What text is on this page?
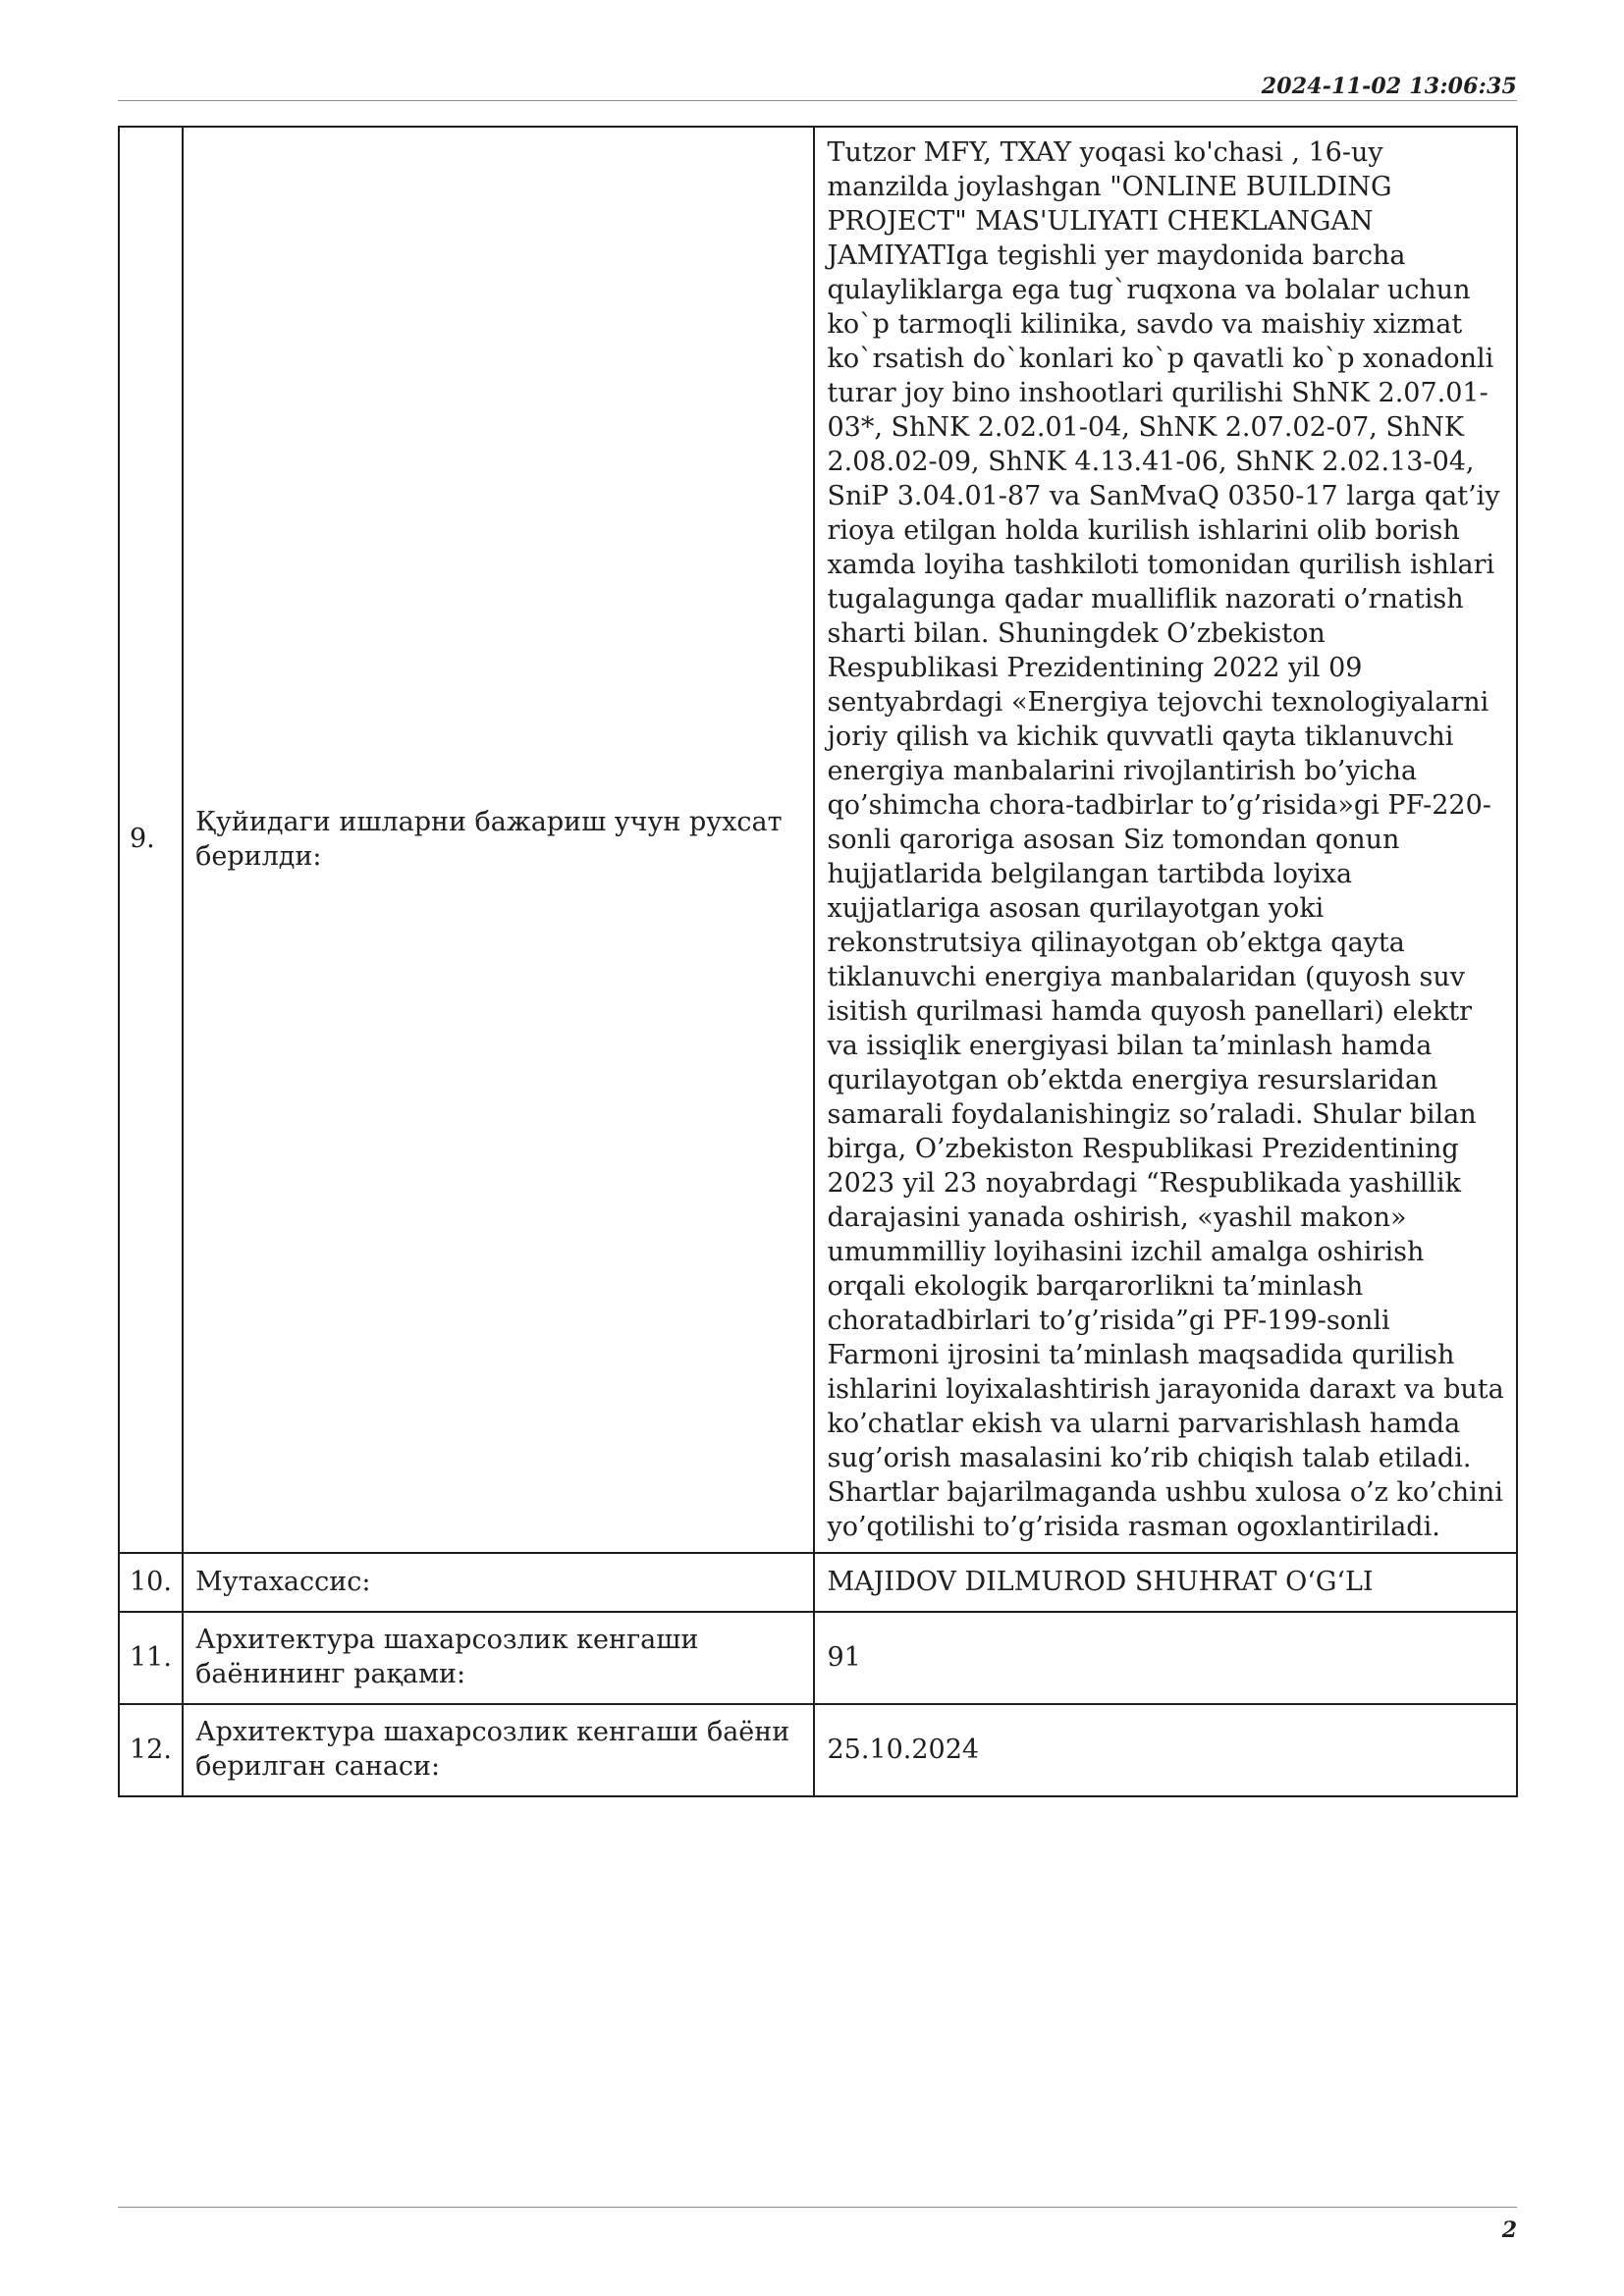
2024-11-02 13:06:35
9.	Қуйидаги ишларни бажариш учун рухсат берилди:	Tutzor MFY, TXAY yoqasi ko'chasi , 16-uy manzilda joylashgan "ONLINE BUILDING PROJECT" MAS'ULIYATI CHEKLANGAN JAMIYATIga tegishli yer maydonida barcha qulayliklarga ega tug`ruqxona va bolalar uchun ko`p tarmoqli kilinika, savdo va maishiy xizmat ko`rsatish do`konlari ko`p qavatli ko`p xonadonli turar joy bino inshootlari qurilishi ShNK 2.07.01-03*, ShNK 2.02.01-04, ShNK 2.07.02-07, ShNK 2.08.02-09, ShNK 4.13.41-06, ShNK 2.02.13-04, SniP 3.04.01-87 va SanMvaQ 0350-17 larga qat’iy rioya etilgan holda kurilish ishlarini olib borish xamda loyiha tashkiloti tomonidan qurilish ishlari tugalagunga qadar mualliflik nazorati o’rnatish sharti bilan. Shuningdek O’zbekiston Respublikasi Prezidentining 2022 yil 09 sentyabrdagi «Energiya tejovchi texnologiyalarni joriy qilish va kichik quvvatli qayta tiklanuvchi energiya manbalarini rivojlantirish bo’yicha qo’shimcha chora-tadbirlar to’g’risida»gi PF-220- sonli qaroriga asosan Siz tomondan qonun hujjatlarida belgilangan tartibda loyixa xujjatlariga asosan qurilayotgan yoki rekonstrutsiya qilinayotgan ob’ektga qayta tiklanuvchi energiya manbalaridan (quyosh suv isitish qurilmasi hamda quyosh panellari) elektr va issiqlik energiyasi bilan ta’minlash hamda qurilayotgan ob’ektda energiya resurslaridan samarali foydalanishingiz so’raladi. Shular bilan birga, O’zbekiston Respublikasi Prezidentining 2023 yil 23 noyabrdagi “Respublikada yashillik darajasini yanada oshirish, «yashil makon» umummilliy loyihasini izchil amalga oshirish orqali ekologik barqarorlikni ta’minlash choratadbirlari to’g’risida”gi PF-199-sonli Farmoni ijrosini ta’minlash maqsadida qurilish ishlarini loyixalashtirish jarayonida daraxt va buta ko’chatlar ekish va ularni parvarishlash hamda sug’orish masalasini ko’rib chiqish talab etiladi. Shartlar bajarilmaganda ushbu xulosa o’z ko’chini yo’qotilishi to’g’risida rasman ogoxlantiriladi.

10.	Мутахассис:	MAJIDOV DILMUROD SHUHRAT O‘G‘LI
11.	Архитектура шахарсозлик кенгаши баёнининг рақами:	91
12.	Архитектура шахарсозлик кенгаши баёни берилган санаси:	25.10.2024
2
